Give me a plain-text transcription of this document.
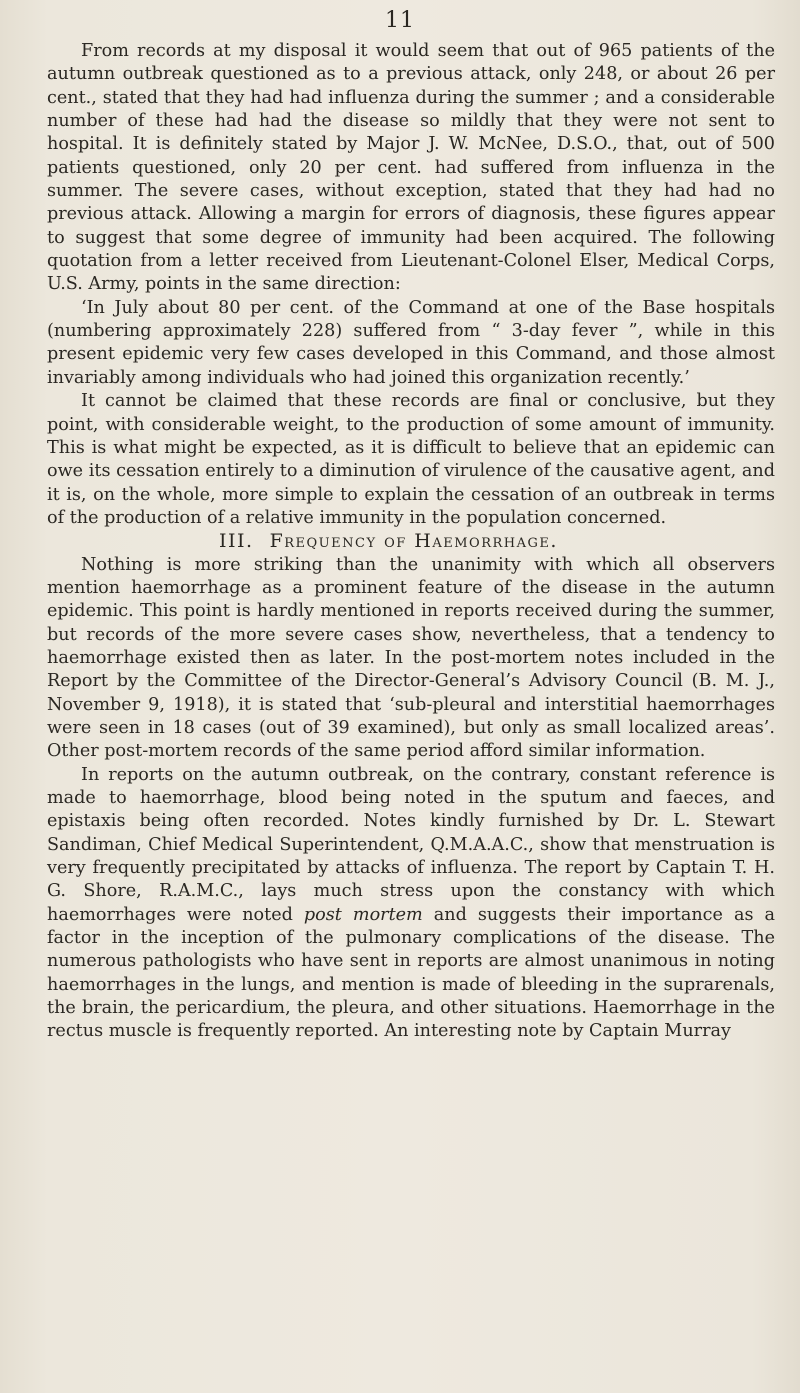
11

From records at my disposal it would seem that out of 965 patients of the autumn outbreak questioned as to a previous attack, only 248, or about 26 per cent., stated that they had had influenza during the summer ; and a considerable number of these had had the disease so mildly that they were not sent to hospital. It is definitely stated by Major J. W. McNee, D.S.O., that, out of 500 patients questioned, only 20 per cent. had suffered from influenza in the summer. The severe cases, without exception, stated that they had had no previous attack. Allowing a margin for errors of diagnosis, these figures appear to suggest that some degree of immunity had been acquired. The following quotation from a letter received from Lieutenant-Colonel Elser, Medical Corps, U.S. Army, points in the same direction:

‘In July about 80 per cent. of the Command at one of the Base hospitals (numbering approximately 228) suffered from “ 3-day fever ”, while in this present epidemic very few cases developed in this Command, and those almost invariably among individuals who had joined this organization recently.’

It cannot be claimed that these records are final or conclusive, but they point, with considerable weight, to the production of some amount of immunity. This is what might be expected, as it is difficult to believe that an epidemic can owe its cessation entirely to a diminution of virulence of the causative agent, and it is, on the whole, more simple to explain the cessation of an outbreak in terms of the production of a relative immunity in the population concerned.

III. Frequency of Haemorrhage.

Nothing is more striking than the unanimity with which all observers mention haemorrhage as a prominent feature of the disease in the autumn epidemic. This point is hardly mentioned in reports received during the summer, but records of the more severe cases show, nevertheless, that a tendency to haemorrhage existed then as later. In the post-mortem notes included in the Report by the Committee of the Director-General’s Advisory Council (B. M. J., November 9, 1918), it is stated that ‘sub-pleural and interstitial haemorrhages were seen in 18 cases (out of 39 examined), but only as small localized areas’. Other post-mortem records of the same period afford similar information.

In reports on the autumn outbreak, on the contrary, constant reference is made to haemorrhage, blood being noted in the sputum and faeces, and epistaxis being often recorded. Notes kindly furnished by Dr. L. Stewart Sandiman, Chief Medical Superintendent, Q.M.A.A.C., show that menstruation is very frequently precipitated by attacks of influenza. The report by Captain T. H. G. Shore, R.A.M.C., lays much stress upon the constancy with which haemorrhages were noted post mortem and suggests their importance as a factor in the inception of the pulmonary complications of the disease. The numerous pathologists who have sent in reports are almost unanimous in noting haemorrhages in the lungs, and mention is made of bleeding in the suprarenals, the brain, the pericardium, the pleura, and other situations. Haemorrhage in the rectus muscle is frequently reported. An interesting note by Captain Murray
